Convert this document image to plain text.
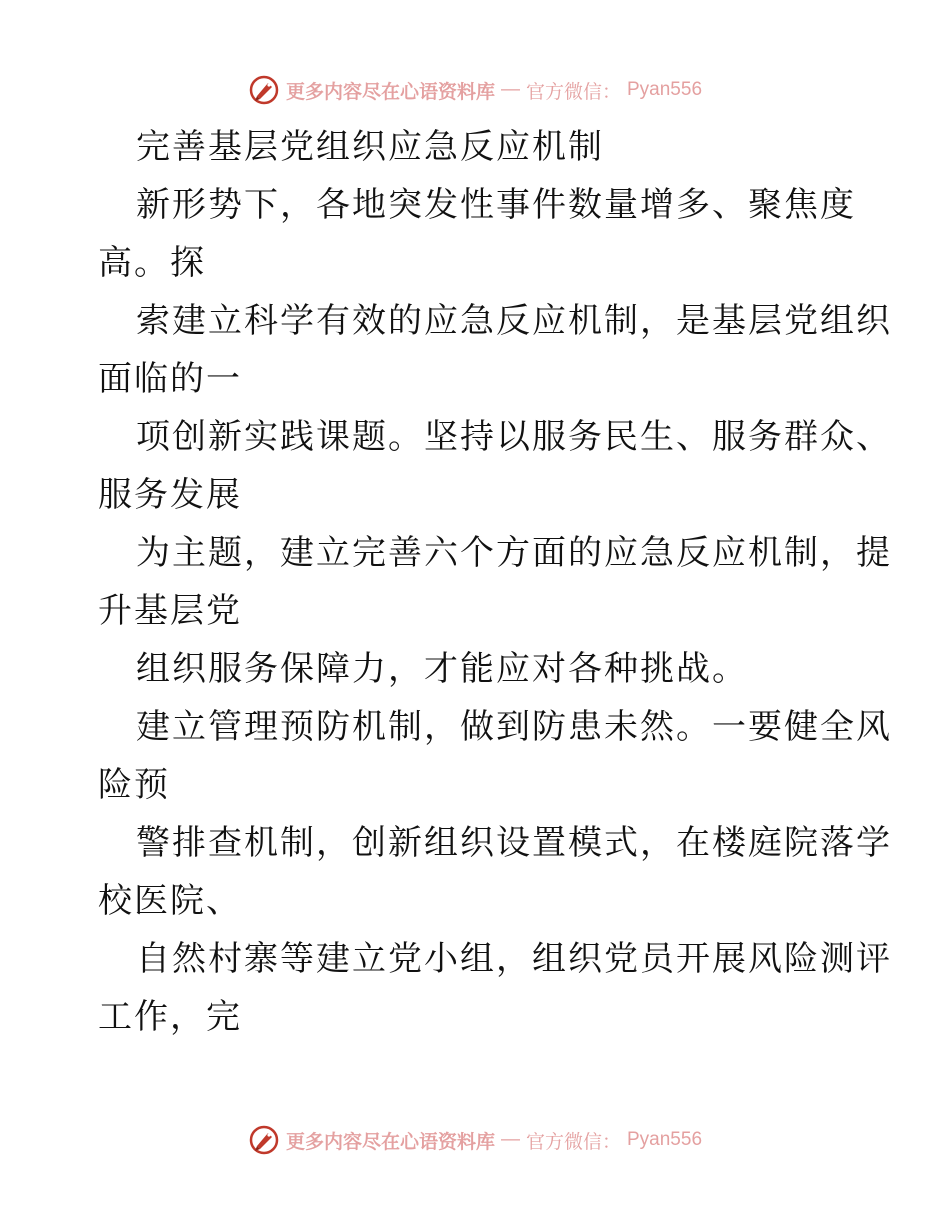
更多内容尽在心语资料库 — 官方微信： Pyan556
完善基层党组织应急反应机制
新形势下，各地突发性事件数量增多、聚焦度
高。探
索建立科学有效的应急反应机制，是基层党组织
面临的一
项创新实践课题。坚持以服务民生、服务群众、
服务发展
为主题，建立完善六个方面的应急反应机制，提
升基层党
组织服务保障力，才能应对各种挑战。
建立管理预防机制，做到防患未然。一要健全风
险预
警排查机制，创新组织设置模式，在楼庭院落学
校医院、
自然村寨等建立党小组，组织党员开展风险测评
工作，完
更多内容尽在心语资料库 — 官方微信： Pyan556
